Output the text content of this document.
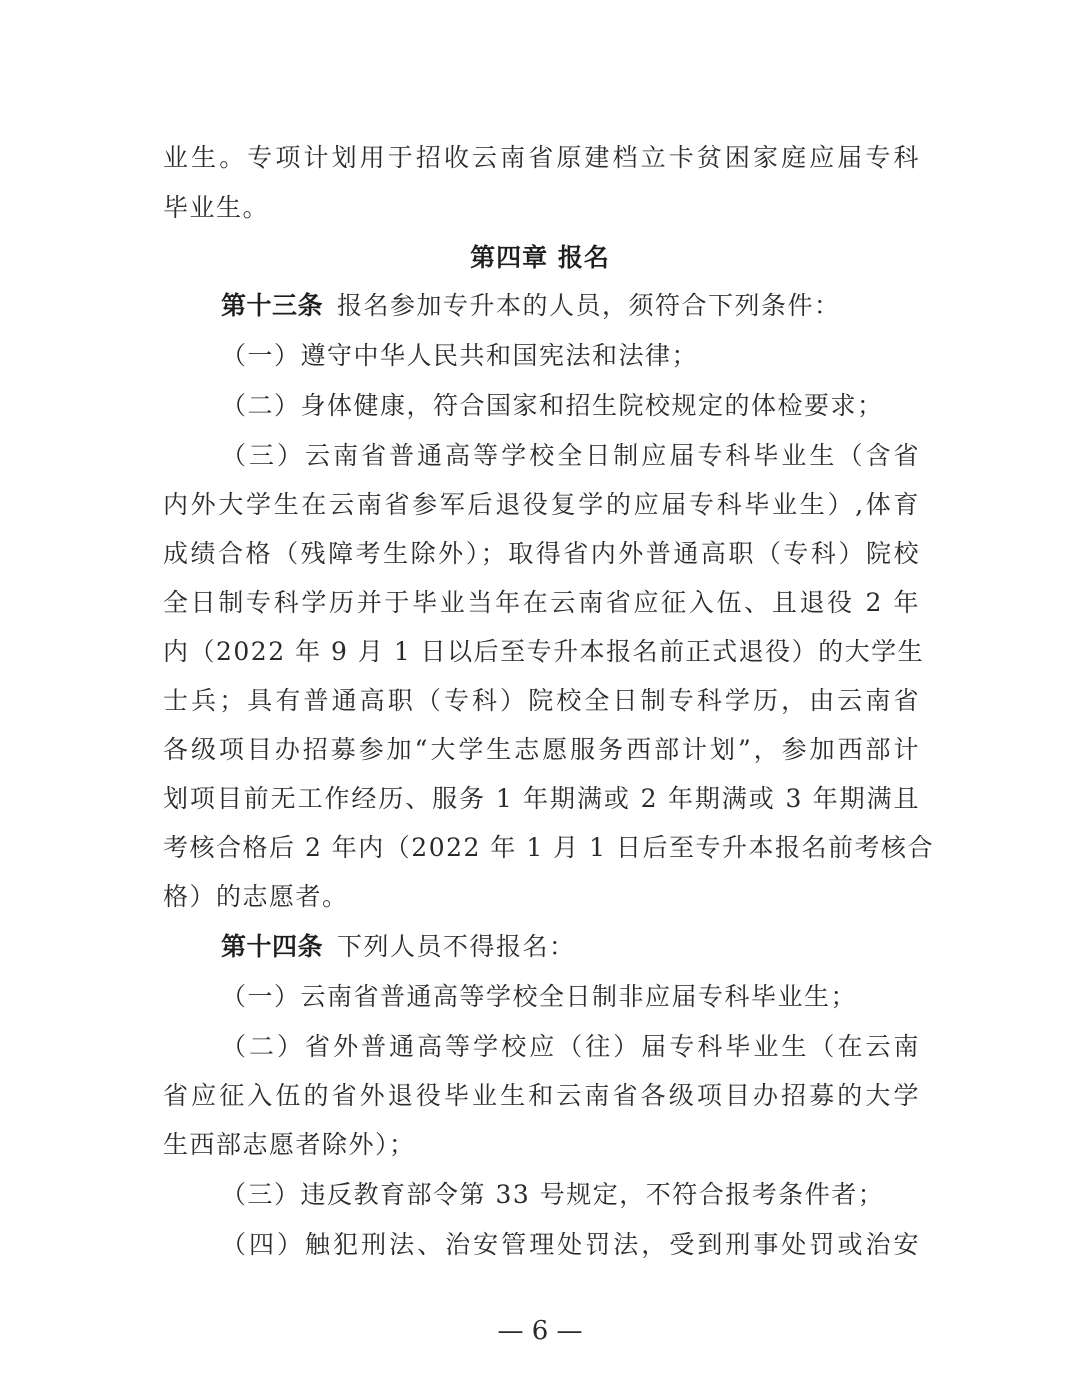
业生。专项计划用于招收云南省原建档立卡贫困家庭应届专科
毕业生。
第四章 报名
第十三条 报名参加专升本的人员，须符合下列条件：
（一）遵守中华人民共和国宪法和法律；
（二）身体健康，符合国家和招生院校规定的体检要求；
（三）云南省普通高等学校全日制应届专科毕业生（含省
内外大学生在云南省参军后退役复学的应届专科毕业生）,体育
成绩合格（残障考生除外）；取得省内外普通高职（专科）院校
全日制专科学历并于毕业当年在云南省应征入伍、且退役 2 年
内（2022 年 9 月 1 日以后至专升本报名前正式退役）的大学生
士兵；具有普通高职（专科）院校全日制专科学历，由云南省
各级项目办招募参加“大学生志愿服务西部计划”，参加西部计
划项目前无工作经历、服务 1 年期满或 2 年期满或 3 年期满且
考核合格后 2 年内（2022 年 1 月 1 日后至专升本报名前考核合
格）的志愿者。
第十四条 下列人员不得报名：
（一）云南省普通高等学校全日制非应届专科毕业生；
（二）省外普通高等学校应（往）届专科毕业生（在云南
省应征入伍的省外退役毕业生和云南省各级项目办招募的大学
生西部志愿者除外）；
（三）违反教育部令第 33 号规定，不符合报考条件者；
（四）触犯刑法、治安管理处罚法，受到刑事处罚或治安
— 6 —
